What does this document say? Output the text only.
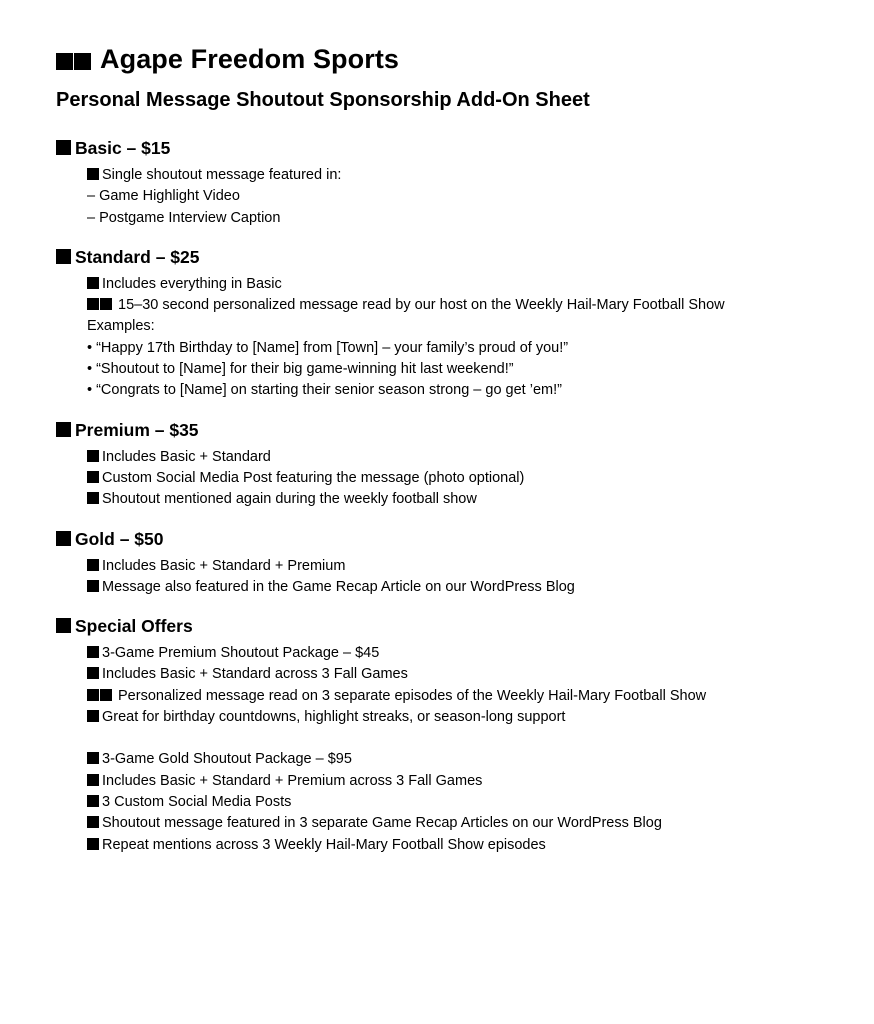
Agape Freedom Sports
Personal Message Shoutout Sponsorship Add-On Sheet
Basic – $15
Single shoutout message featured in:
– Game Highlight Video
– Postgame Interview Caption
Standard – $25
Includes everything in Basic
15–30 second personalized message read by our host on the Weekly Hail-Mary Football Show
Examples:
• “Happy 17th Birthday to [Name] from [Town] – your family’s proud of you!”
• “Shoutout to [Name] for their big game-winning hit last weekend!”
• “Congrats to [Name] on starting their senior season strong – go get ’em!”
Premium – $35
Includes Basic + Standard
Custom Social Media Post featuring the message (photo optional)
Shoutout mentioned again during the weekly football show
Gold – $50
Includes Basic + Standard + Premium
Message also featured in the Game Recap Article on our WordPress Blog
Special Offers
3-Game Premium Shoutout Package – $45
Includes Basic + Standard across 3 Fall Games
Personalized message read on 3 separate episodes of the Weekly Hail-Mary Football Show
Great for birthday countdowns, highlight streaks, or season-long support
3-Game Gold Shoutout Package – $95
Includes Basic + Standard + Premium across 3 Fall Games
3 Custom Social Media Posts
Shoutout message featured in 3 separate Game Recap Articles on our WordPress Blog
Repeat mentions across 3 Weekly Hail-Mary Football Show episodes
